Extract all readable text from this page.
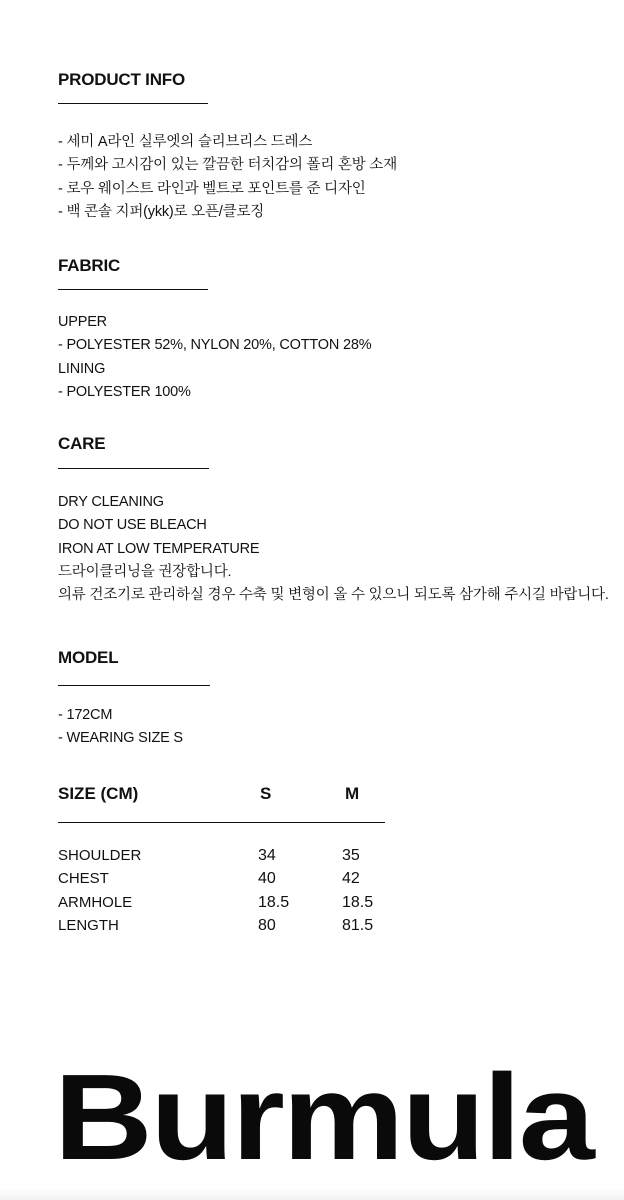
PRODUCT INFO
- 세미 A라인 실루엣의 슬리브리스 드레스
- 두께와 고시감이 있는 깔끔한 터치감의 폴리 혼방 소재
- 로우 웨이스트 라인과 벨트로 포인트를 준 디자인
- 백 콘솔 지퍼(ykk)로 오픈/클로징
FABRIC
UPPER
- POLYESTER 52%, NYLON 20%, COTTON 28%
LINING
- POLYESTER 100%
CARE
DRY CLEANING
DO NOT USE BLEACH
IRON AT LOW TEMPERATURE
드라이클리닝을 권장합니다.
의류 건조기로 관리하실 경우 수축 및 변형이 올 수 있으니 되도록 삼가해 주시길 바랍니다.
MODEL
- 172CM
- WEARING SIZE S
SIZE (CM)	S	M
SHOULDER	34	35
CHEST	40	42
ARMHOLE	18.5	18.5
LENGTH	80	81.5
Burmula
